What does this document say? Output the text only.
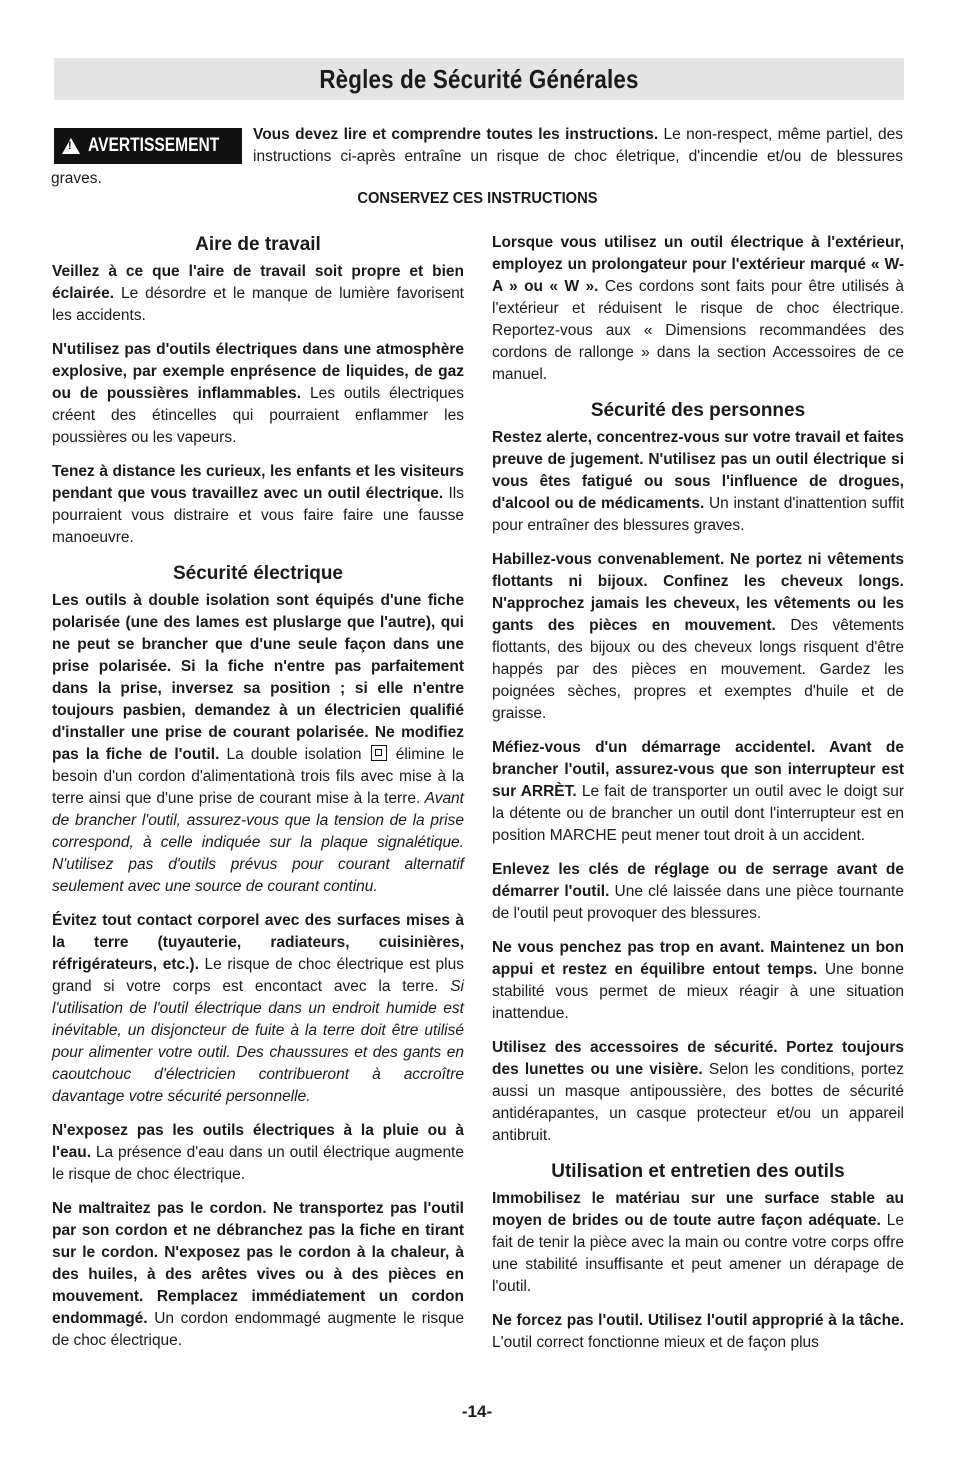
Règles de Sécurité Générales
Vous devez lire et comprendre toutes les instructions. Le non-respect, même partiel, des instructions ci-après entraîne un risque de choc életrique, d'incendie et/ou de blessures graves.
!
AVERTISSEMENT
CONSERVEZ CES INSTRUCTIONS
Aire de travail

Veillez à ce que l'aire de travail soit propre et bien éclairée. Le désordre et le manque de lumière favorisent les accidents.

N'utilisez pas d'outils électriques dans une atmosphère explosive, par exemple enprésence de liquides, de gaz ou de poussières inflammables. Les outils électriques créent des étincelles qui pourraient enflammer les poussières ou les vapeurs.

Tenez à distance les curieux, les enfants et les visiteurs pendant que vous travaillez avec un outil électrique. Ils pourraient vous distraire et vous faire faire une fausse manoeuvre.

Sécurité électrique

Les outils à double isolation sont équipés d'une fiche polarisée (une des lames est pluslarge que l'autre), qui ne peut se brancher que d'une seule façon dans une prise polarisée. Si la fiche n'entre pas parfaitement dans la prise, inversez sa position ; si elle n'entre toujours pasbien, demandez à un électricien qualifié d'installer une prise de courant polarisée. Ne modifiez pas la fiche de l'outil. La double isolation  élimine le besoin d'un cordon d'alimentationà trois fils avec mise à la terre ainsi que d'une prise de courant mise à la terre. Avant de brancher l'outil, assurez-vous que la tension de la prise correspond, à celle indiquée sur la plaque signalétique. N'utilisez pas d'outils prévus pour courant alternatif seulement avec une source de courant continu.

Évitez tout contact corporel avec des surfaces mises à la terre (tuyauterie, radiateurs, cuisinières, réfrigérateurs, etc.). Le risque de choc électrique est plus grand si votre corps est encontact avec la terre. Si l'utilisation de l'outil électrique dans un endroit humide est inévitable, un disjoncteur de fuite à la terre doit être utilisé pour alimenter votre outil. Des chaussures et des gants en caoutchouc d'électricien contribueront à accroître davantage votre sécurité personnelle.

N'exposez pas les outils électriques à la pluie ou à l'eau. La présence d'eau dans un outil électrique augmente le risque de choc électrique.

Ne maltraitez pas le cordon. Ne transportez pas l'outil par son cordon et ne débranchez pas la fiche en tirant sur le cordon. N'exposez pas le cordon à la chaleur, à des huiles, à des arêtes vives ou à des pièces en mouvement. Remplacez immédiatement un cordon endommagé. Un cordon endommagé augmente le risque de choc électrique.

Lorsque vous utilisez un outil électrique à l'extérieur, employez un prolongateur pour l'extérieur marqué « W-A » ou « W ». Ces cordons sont faits pour être utilisés à l'extérieur et réduisent le risque de choc électrique. Reportez-vous aux « Dimensions recommandées des cordons de rallonge » dans la section Accessoires de ce manuel.

Sécurité des personnes

Restez alerte, concentrez-vous sur votre travail et faites preuve de jugement. N'utilisez pas un outil électrique si vous êtes fatigué ou sous l'influence de drogues, d'alcool ou de médicaments. Un instant d'inattention suffit pour entraîner des blessures graves.

Habillez-vous convenablement. Ne portez ni vêtements flottants ni bijoux. Confinez les cheveux longs. N'approchez jamais les cheveux, les vêtements ou les gants des pièces en mouvement. Des vêtements flottants, des bijoux ou des cheveux longs risquent d'être happés par des pièces en mouvement. Gardez les poignées sèches, propres et exemptes d'huile et de graisse.

Méfiez-vous d'un démarrage accidentel. Avant de brancher l'outil, assurez-vous que son interrupteur est sur ARRÈT. Le fait de transporter un outil avec le doigt sur la détente ou de brancher un outil dont l'interrupteur est en position MARCHE peut mener tout droit à un accident.

Enlevez les clés de réglage ou de serrage avant de démarrer l'outil. Une clé laissée dans une pièce tournante de l'outil peut provoquer des blessures.

Ne vous penchez pas trop en avant. Maintenez un bon appui et restez en équilibre entout temps. Une bonne stabilité vous permet de mieux réagir à une situation inattendue.

Utilisez des accessoires de sécurité. Portez toujours des lunettes ou une visière. Selon les conditions, portez aussi un masque antipoussière, des bottes de sécurité antidérapantes, un casque protecteur et/ou un appareil antibruit.

Utilisation et entretien des outils

Immobilisez le matériau sur une surface stable au moyen de brides ou de toute autre façon adéquate. Le fait de tenir la pièce avec la main ou contre votre corps offre une stabilité insuffisante et peut amener un dérapage de l'outil.

Ne forcez pas l'outil. Utilisez l'outil approprié à la tâche. L'outil correct fonctionne mieux et de façon plus

-14-
